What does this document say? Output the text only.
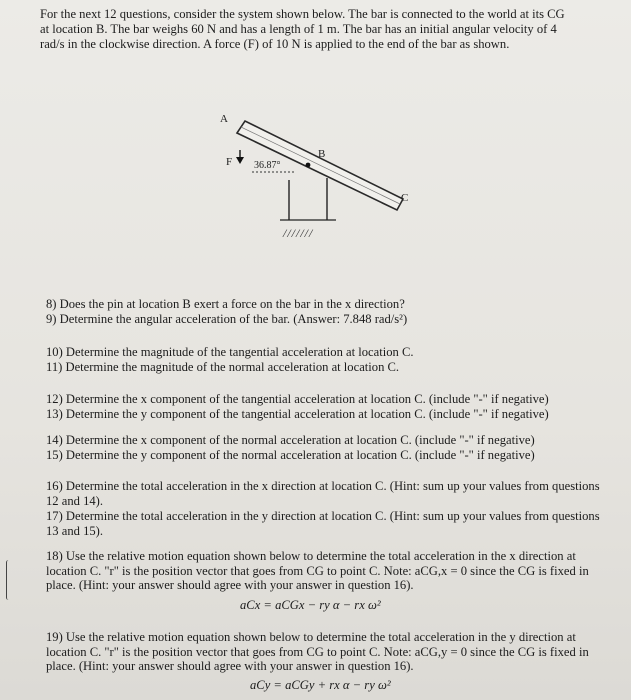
For the next 12 questions, consider the system shown below. The bar is connected to the world at its CG
at location B. The bar weighs 60 N and has a length of 1 m. The bar has an initial angular velocity of 4
rad/s in the clockwise direction. A force (F) of 10 N is applied to the end of the bar as shown.
A
B
C
F 36.87°
///////
8) Does the pin at location B exert a force on the bar in the x direction?
9) Determine the angular acceleration of the bar. (Answer: 7.848 rad/s²)
10) Determine the magnitude of the tangential acceleration at location C.
11) Determine the magnitude of the normal acceleration at location C.
12) Determine the x component of the tangential acceleration at location C. (include "-" if negative)
13) Determine the y component of the tangential acceleration at location C. (include "-" if negative)
14) Determine the x component of the normal acceleration at location C. (include "-" if negative)
15) Determine the y component of the normal acceleration at location C. (include "-" if negative)
16) Determine the total acceleration in the x direction at location C. (Hint: sum up your values from questions 12 and 14).
17) Determine the total acceleration in the y direction at location C. (Hint: sum up your values from questions 13 and 15).
18) Use the relative motion equation shown below to determine the total acceleration in the x direction at location C. "r" is the position vector that goes from CG to point C. Note: aCG,x = 0 since the CG is fixed in place. (Hint: your answer should agree with your answer in question 16).
aCx = aCGx − ry α − rx ω²
19) Use the relative motion equation shown below to determine the total acceleration in the y direction at location C. "r" is the position vector that goes from CG to point C. Note: aCG,y = 0 since the CG is fixed in place. (Hint: your answer should agree with your answer in question 16).
aCy = aCGy + rx α − ry ω²
